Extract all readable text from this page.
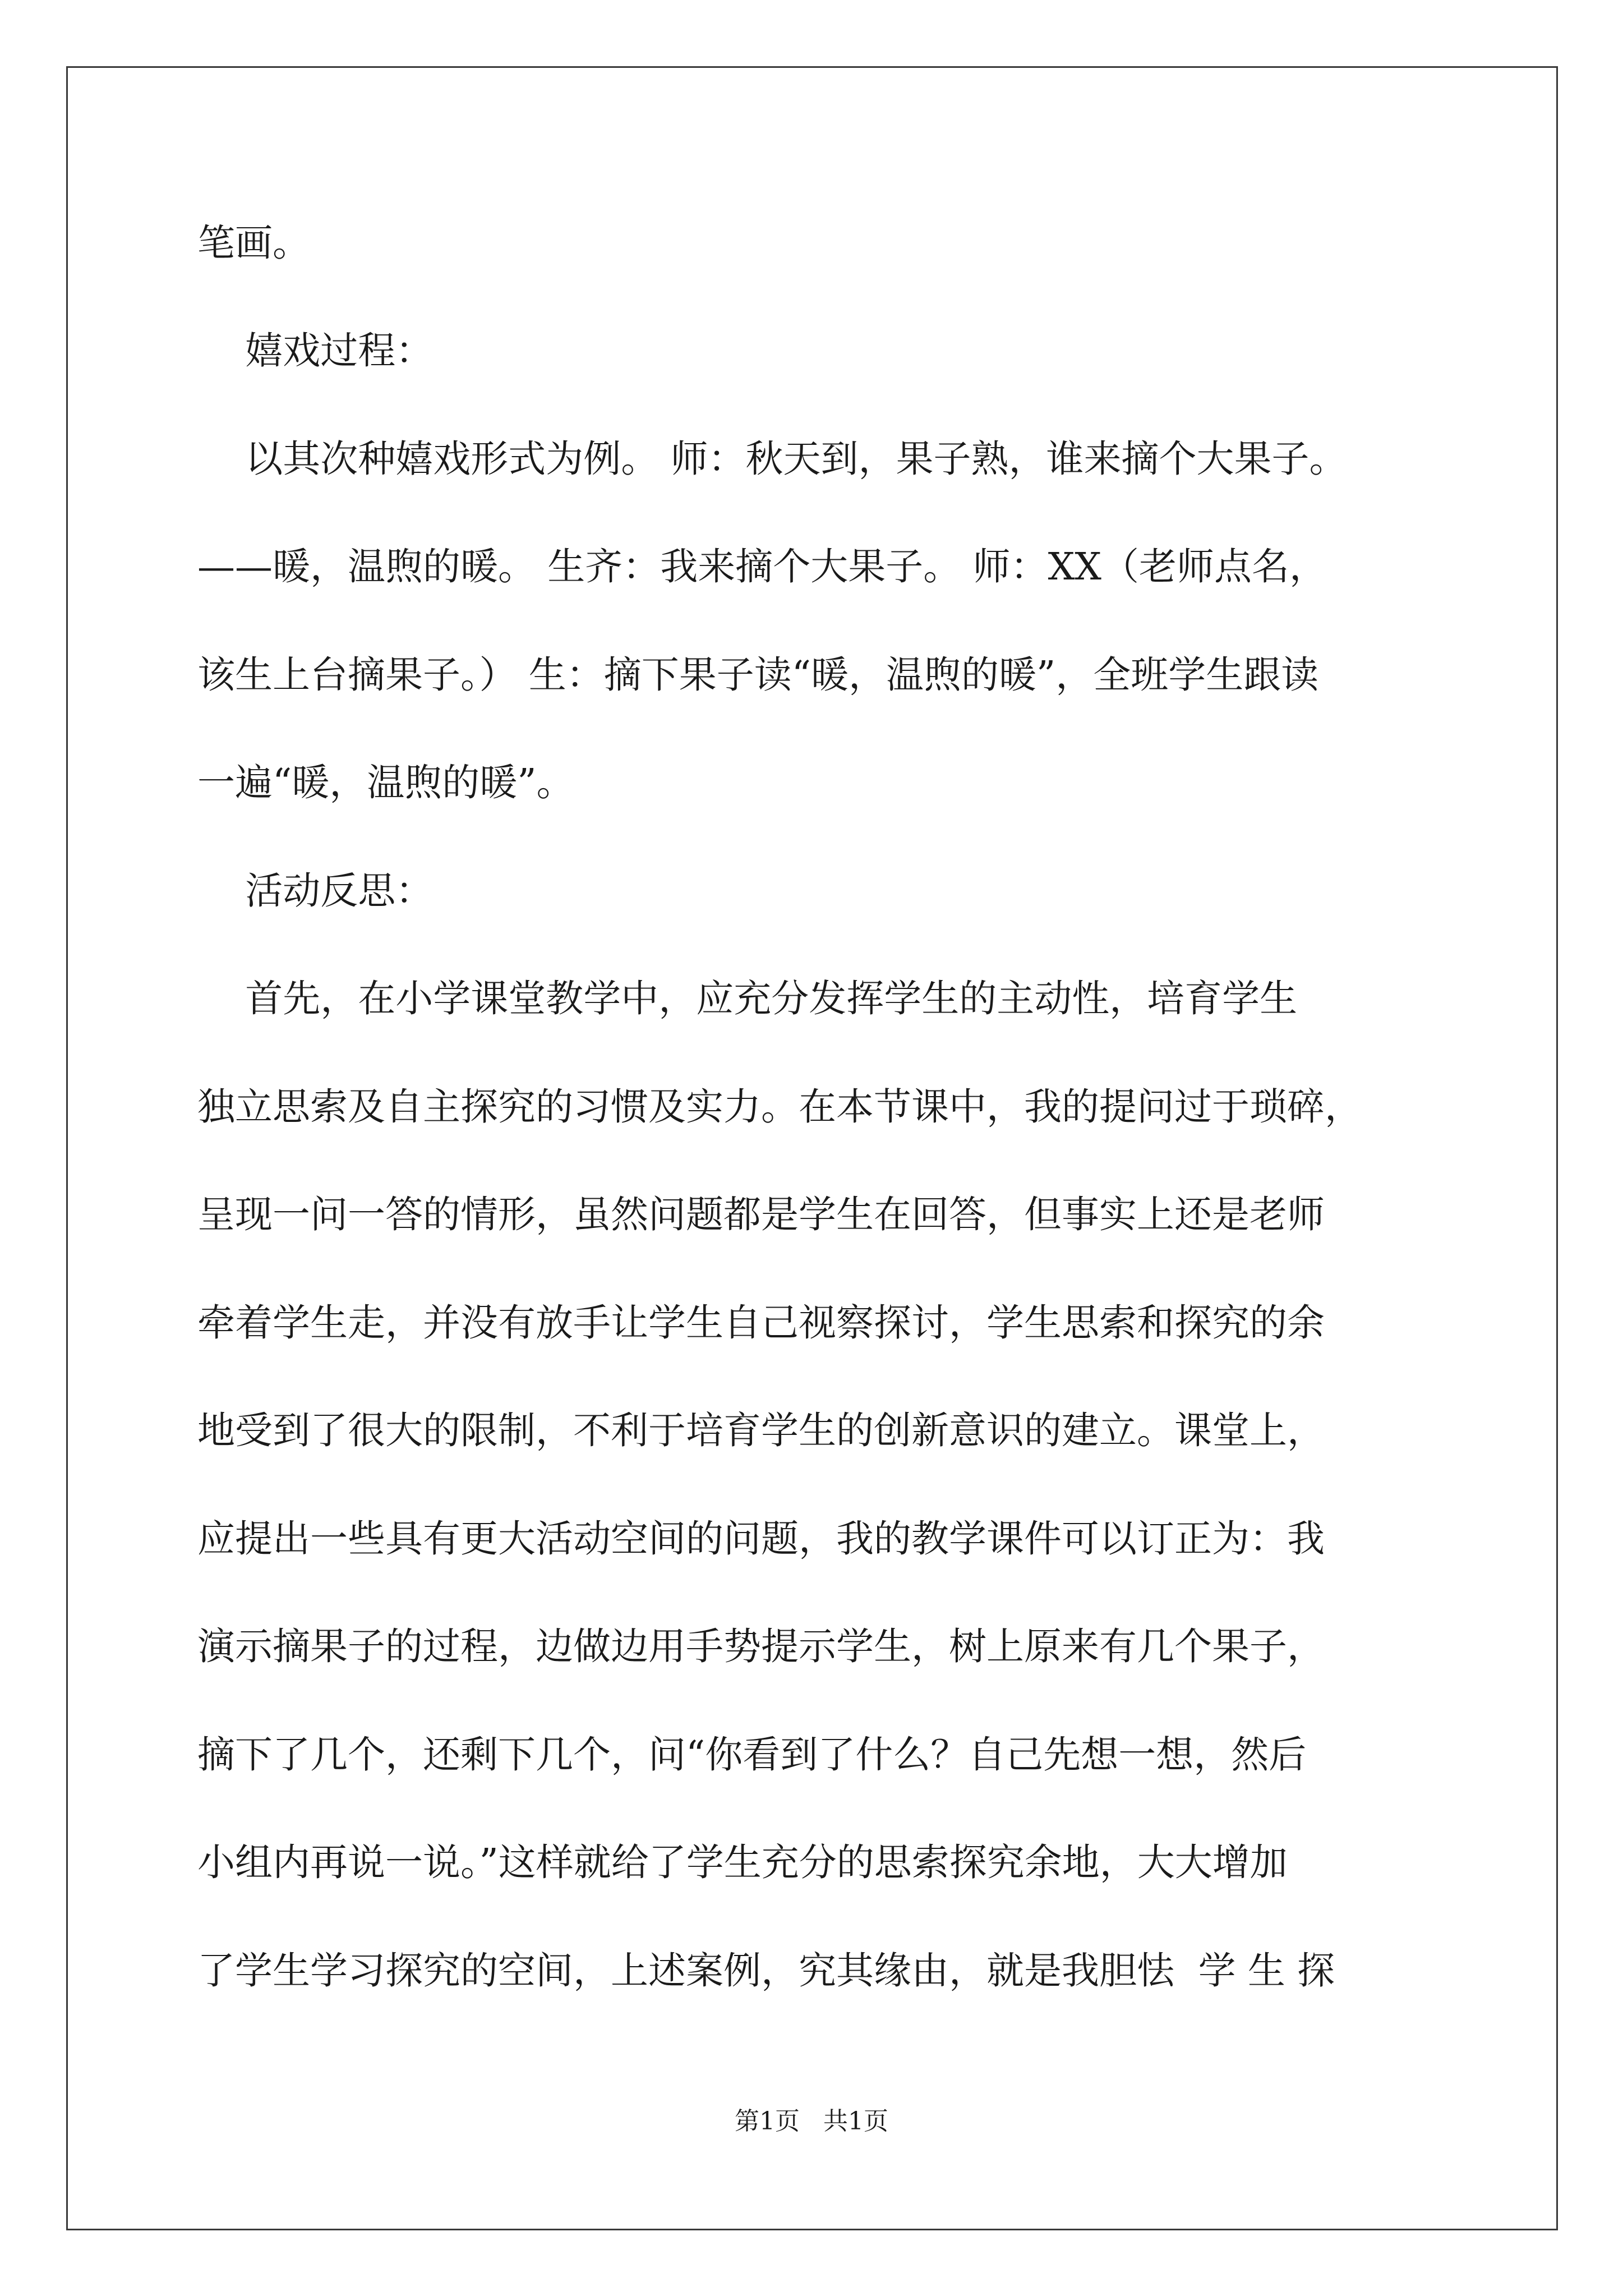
笔画。
嬉戏过程：
以其次种嬉戏形式为例。 师：秋天到，果子熟，谁来摘个大果子。
——暖，温煦的暖。 生齐：我来摘个大果子。 师：XX（老师点名，
该生上台摘果子。） 生：摘下果子读“暖，温煦的暖”，全班学生跟读
一遍“暖，温煦的暖”。
活动反思：
首先，在小学课堂教学中，应充分发挥学生的主动性，培育学生
独立思索及自主探究的习惯及实力。在本节课中，我的提问过于琐碎，
呈现一问一答的情形，虽然问题都是学生在回答，但事实上还是老师
牵着学生走，并没有放手让学生自己视察探讨，学生思索和探究的余
地受到了很大的限制，不利于培育学生的创新意识的建立。课堂上，
应提出一些具有更大活动空间的问题，我的教学课件可以订正为：我
演示摘果子的过程，边做边用手势提示学生，树上原来有几个果子，
摘下了几个，还剩下几个，问“你看到了什么？自己先想一想，然后
小组内再说一说。”这样就给了学生充分的思索探究余地，大大增加
了学生学习探究的空间，上述案例，究其缘由，就是我胆怯  学 生 探
第1页   共1页
